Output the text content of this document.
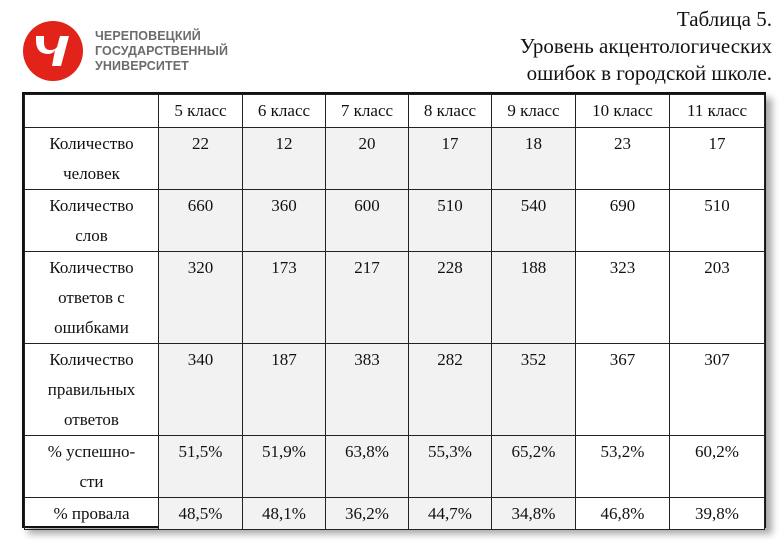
ЧЕРЕПОВЕЦКИЙ
ГОСУДАРСТВЕННЫЙ
УНИВЕРСИТЕТ
Таблица 5.
Уровень акцентологических
ошибок в городской школе.
	5 класс	6 класс	7 класс	8 класс	9 класс	10 класс	11 класс

Количество
человек	22	12	20	17	18	23	17

Количество
слов	660	360	600	510	540	690	510

Количество
ответов с
ошибками	320	173	217	228	188	323	203

Количество
правильных
ответов	340	187	383	282	352	367	307

% успешно-
сти	51,5%	51,9%	63,8%	55,3%	65,2%	53,2%	60,2%

% провала	48,5%	48,1%	36,2%	44,7%	34,8%	46,8%	39,8%
